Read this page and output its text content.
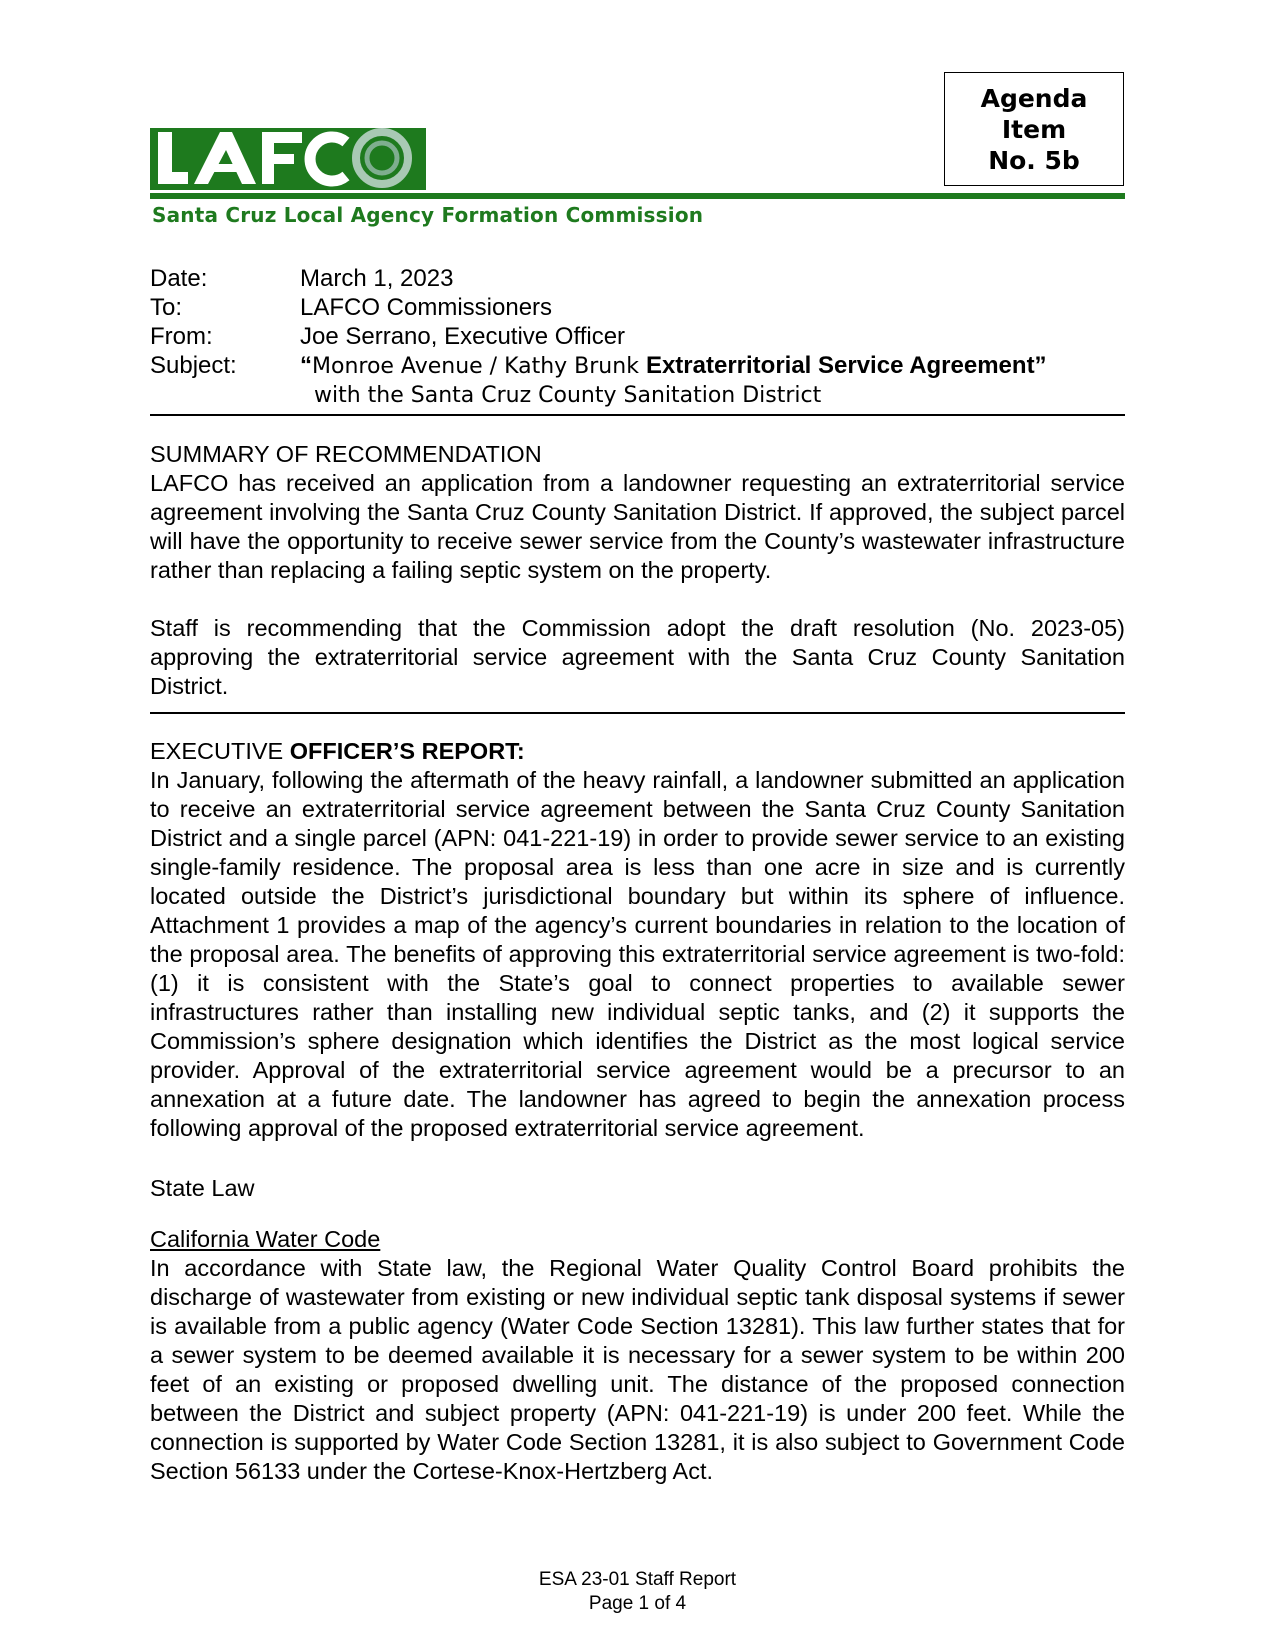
Agenda
Item
No. 5b
Santa Cruz Local Agency Formation Commission
Date:	March 1, 2023
To:	LAFCO Commissioners
From:	Joe Serrano, Executive Officer
Subject:	“Monroe Avenue / Kathy Brunk Extraterritorial Service Agreement”
with the Santa Cruz County Sanitation District

SUMMARY OF RECOMMENDATION

LAFCO has received an application from a landowner requesting an extraterritorial service agreement involving the Santa Cruz County Sanitation District. If approved, the subject parcel will have the opportunity to receive sewer service from the County’s wastewater infrastructure rather than replacing a failing septic system on the property.

Staff is recommending that the Commission adopt the draft resolution (No. 2023-05) approving the extraterritorial service agreement with the Santa Cruz County Sanitation District.

EXECUTIVE OFFICER’S REPORT:

In January, following the aftermath of the heavy rainfall, a landowner submitted an application to receive an extraterritorial service agreement between the Santa Cruz County Sanitation District and a single parcel (APN: 041-221-19) in order to provide sewer service to an existing single-family residence. The proposal area is less than one acre in size and is currently located outside the District’s jurisdictional boundary but within its sphere of influence. Attachment 1 provides a map of the agency’s current boundaries in relation to the location of the proposal area. The benefits of approving this extraterritorial service agreement is two-fold: (1) it is consistent with the State’s goal to connect properties to available sewer infrastructures rather than installing new individual septic tanks, and (2) it supports the Commission’s sphere designation which identifies the District as the most logical service provider. Approval of the extraterritorial service agreement would be a precursor to an annexation at a future date. The landowner has agreed to begin the annexation process following approval of the proposed extraterritorial service agreement.

State Law

California Water Code

In accordance with State law, the Regional Water Quality Control Board prohibits the discharge of wastewater from existing or new individual septic tank disposal systems if sewer is available from a public agency (Water Code Section 13281). This law further states that for a sewer system to be deemed available it is necessary for a sewer system to be within 200 feet of an existing or proposed dwelling unit. The distance of the proposed connection between the District and subject property (APN: 041-221-19) is under 200 feet. While the connection is supported by Water Code Section 13281, it is also subject to Government Code Section 56133 under the Cortese-Knox-Hertzberg Act.

ESA 23-01 Staff Report
Page 1 of 4
